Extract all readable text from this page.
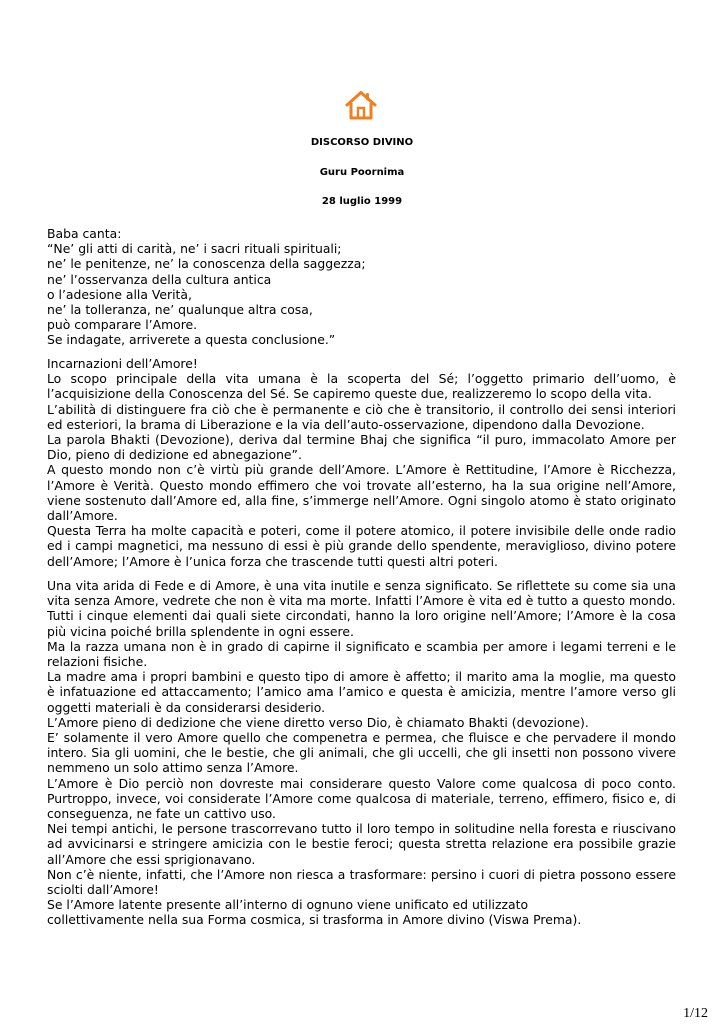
DISCORSO DIVINO
Guru Poornima
28 luglio 1999

Baba canta:

“Ne’ gli atti di carità, ne’ i sacri rituali spirituali;

ne’ le penitenze, ne’ la conoscenza della saggezza;

ne’ l’osservanza della cultura antica

o l’adesione alla Verità,

ne’ la tolleranza, ne’ qualunque altra cosa,

può comparare l’Amore.

Se indagate, arriverete a questa conclusione.”

Incarnazioni dell’Amore!

Lo scopo principale della vita umana è la scoperta del Sé; l’oggetto primario dell’uomo, è l’acquisizione della Conoscenza del Sé. Se capiremo queste due, realizzeremo lo scopo della vita.

L’abilità di distinguere fra ciò che è permanente e ciò che è transitorio, il controllo dei sensi interiori ed esteriori, la brama di Liberazione e la via dell’auto-osservazione, dipendono dalla Devozione.

La parola Bhakti (Devozione), deriva dal termine Bhaj che significa “il puro, immacolato Amore per Dio, pieno di dedizione ed abnegazione”.

A questo mondo non c’è virtù più grande dell’Amore. L’Amore è Rettitudine, l’Amore è Ricchezza, l’Amore è Verità. Questo mondo effimero che voi trovate all’esterno, ha la sua origine nell’Amore, viene sostenuto dall’Amore ed, alla fine, s’immerge nell’Amore. Ogni singolo atomo è stato originato dall’Amore.

Questa Terra ha molte capacità e poteri, come il potere atomico, il potere invisibile delle onde radio ed i campi magnetici, ma nessuno di essi è più grande dello spendente, meraviglioso, divino potere dell’Amore; l’Amore è l’unica forza che trascende tutti questi altri poteri.

Una vita arida di Fede e di Amore, è una vita inutile e senza significato. Se riflettete su come sia una vita senza Amore, vedrete che non è vita ma morte. Infatti l’Amore è vita ed è tutto a questo mondo.

Tutti i cinque elementi dai quali siete circondati, hanno la loro origine nell’Amore; l’Amore è la cosa più vicina poiché brilla splendente in ogni essere.

Ma la razza umana non è in grado di capirne il significato e scambia per amore i legami terreni e le relazioni fisiche.

La madre ama i propri bambini e questo tipo di amore è affetto; il marito ama la moglie, ma questo è infatuazione ed attaccamento; l’amico ama l’amico e questa è amicizia, mentre l’amore verso gli oggetti materiali è da considerarsi desiderio.

L’Amore pieno di dedizione che viene diretto verso Dio, è chiamato Bhakti (devozione).

E’ solamente il vero Amore quello che compenetra e permea, che fluisce e che pervadere il mondo intero. Sia gli uomini, che le bestie, che gli animali, che gli uccelli, che gli insetti non possono vivere nemmeno un solo attimo senza l’Amore.

L’Amore è Dio perciò non dovreste mai considerare questo Valore come qualcosa di poco conto. Purtroppo, invece, voi considerate l’Amore come qualcosa di materiale, terreno, effimero, fisico e, di conseguenza, ne fate un cattivo uso.

Nei tempi antichi, le persone trascorrevano tutto il loro tempo in solitudine nella foresta e riuscivano ad avvicinarsi e stringere amicizia con le bestie feroci; questa stretta relazione era possibile grazie all’Amore che essi sprigionavano.

Non c’è niente, infatti, che l’Amore non riesca a trasformare: persino i cuori di pietra possono essere sciolti dall’Amore!

Se l’Amore latente presente all’interno di ognuno viene unificato ed utilizzato

collettivamente nella sua Forma cosmica, si trasforma in Amore divino (Viswa Prema).

1/12
